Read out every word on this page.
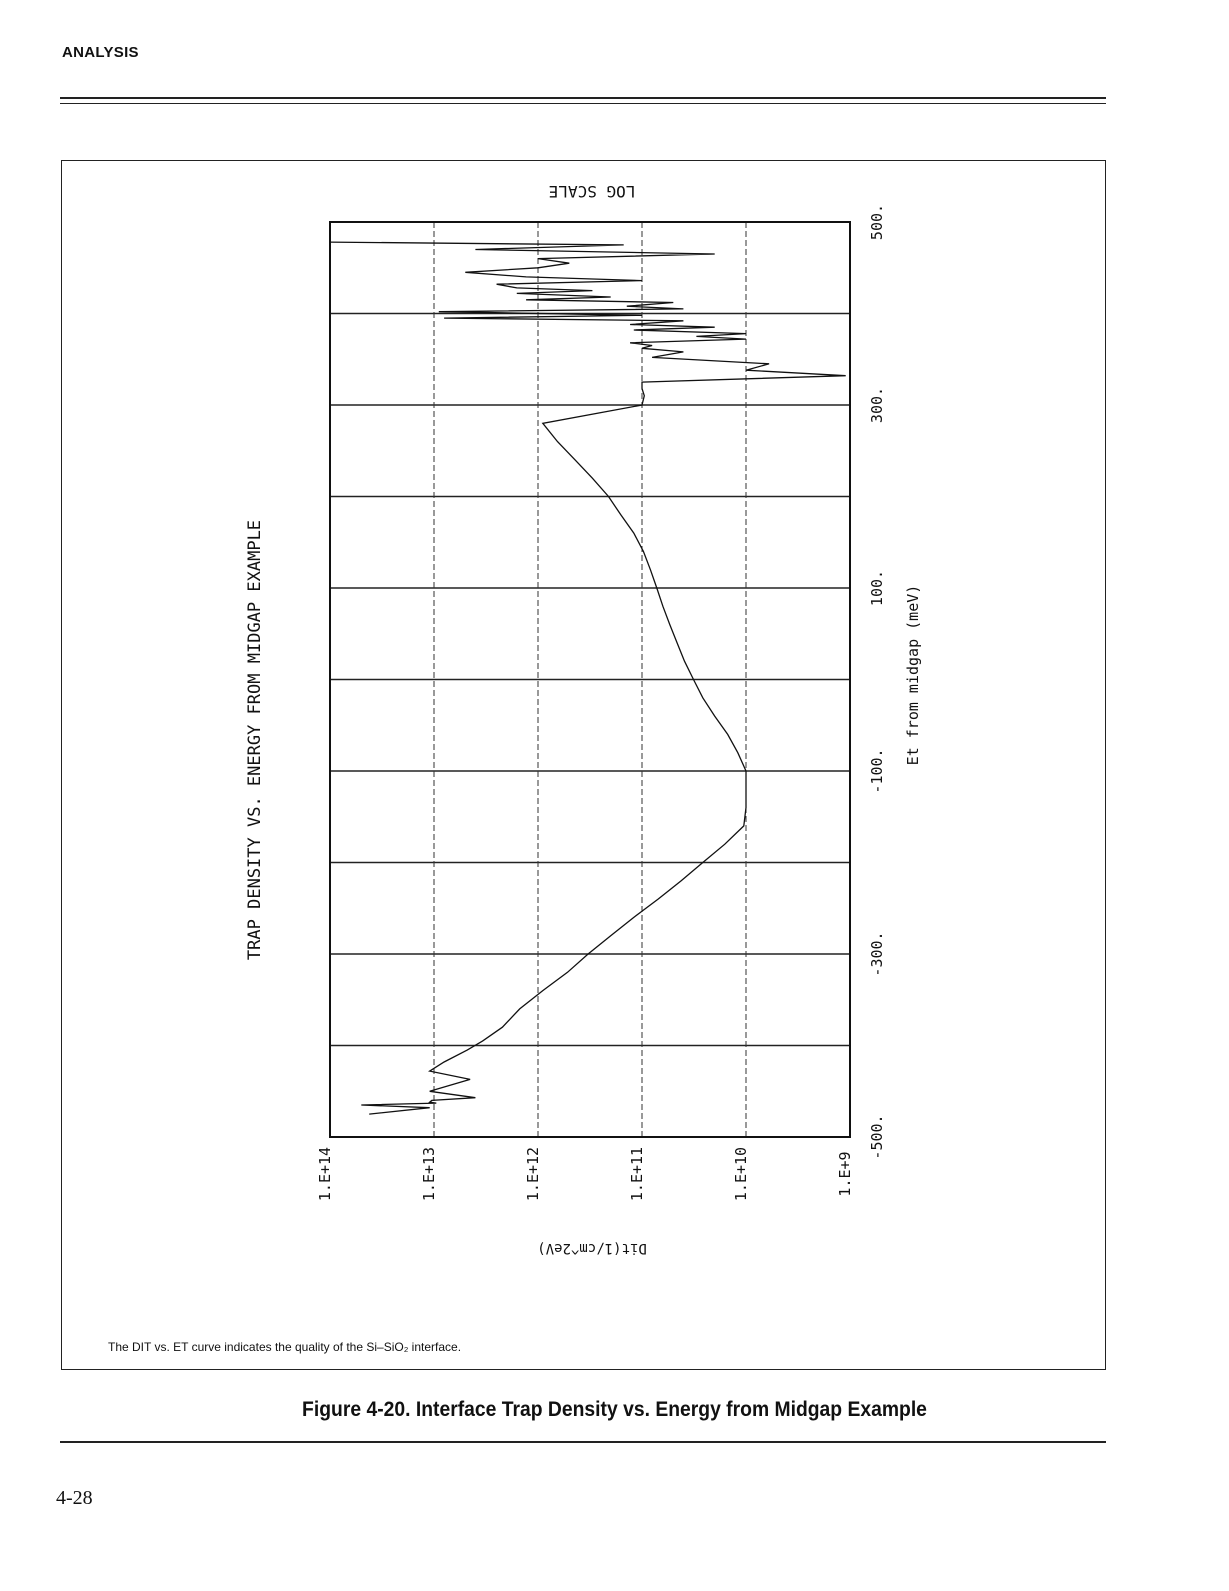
ANALYSIS
-500.
-300.
-100.
100.
300.
500.
1.E+14	1.E+13	1.E+12	1.E+11	1.E+10	1.E+9
TRAP DENSITY VS. ENERGY FROM MIDGAP EXAMPLE
LOG SCALE
Et from midgap (meV)
Dit(1/cm^2eV)
The DIT vs. ET curve indicates the quality of the Si–SiO₂ interface.
Figure 4-20. Interface Trap Density vs. Energy from Midgap Example
4-28
